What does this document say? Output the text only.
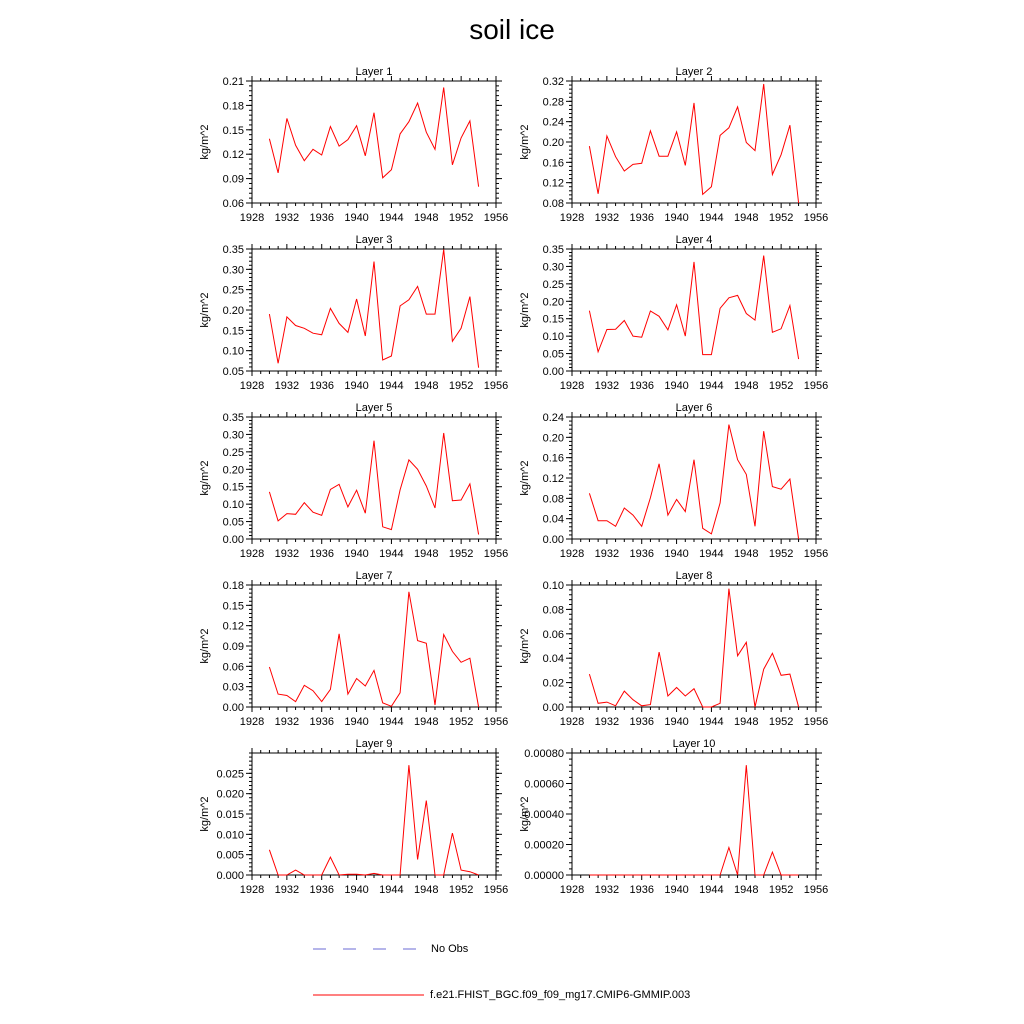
soil ice
Layer 1
kg/m^2
1928 1932 1936 1940 1944 1948 1952 1956
0.06
0.09
0.12
0.15
0.18
0.21
Layer 2
kg/m^2
1928 1932 1936 1940 1944 1948 1952 1956
0.08
0.12
0.16
0.20
0.24
0.28
0.32
Layer 3
kg/m^2
1928 1932 1936 1940 1944 1948 1952 1956
0.05
0.10
0.15
0.20
0.25
0.30
0.35
Layer 4
kg/m^2
1928 1932 1936 1940 1944 1948 1952 1956
0.00
0.05
0.10
0.15
0.20
0.25
0.30
0.35
Layer 5
kg/m^2
1928 1932 1936 1940 1944 1948 1952 1956
0.00
0.05
0.10
0.15
0.20
0.25
0.30
0.35
Layer 6
kg/m^2
1928 1932 1936 1940 1944 1948 1952 1956
0.00
0.04
0.08
0.12
0.16
0.20
0.24
Layer 7
kg/m^2
1928 1932 1936 1940 1944 1948 1952 1956
0.00
0.03
0.06
0.09
0.12
0.15
0.18
Layer 8
kg/m^2
1928 1932 1936 1940 1944 1948 1952 1956
0.00
0.02
0.04
0.06
0.08
0.10
Layer 9
kg/m^2
1928 1932 1936 1940 1944 1948 1952 1956
0.000
0.005
0.010
0.015
0.020
0.025
Layer 10
kg/m^2
1928 1932 1936 1940 1944 1948 1952 1956
0.00000
0.00020
0.00040
0.00060
0.00080
No Obs
f.e21.FHIST_BGC.f09_f09_mg17.CMIP6-GMMIP.003
